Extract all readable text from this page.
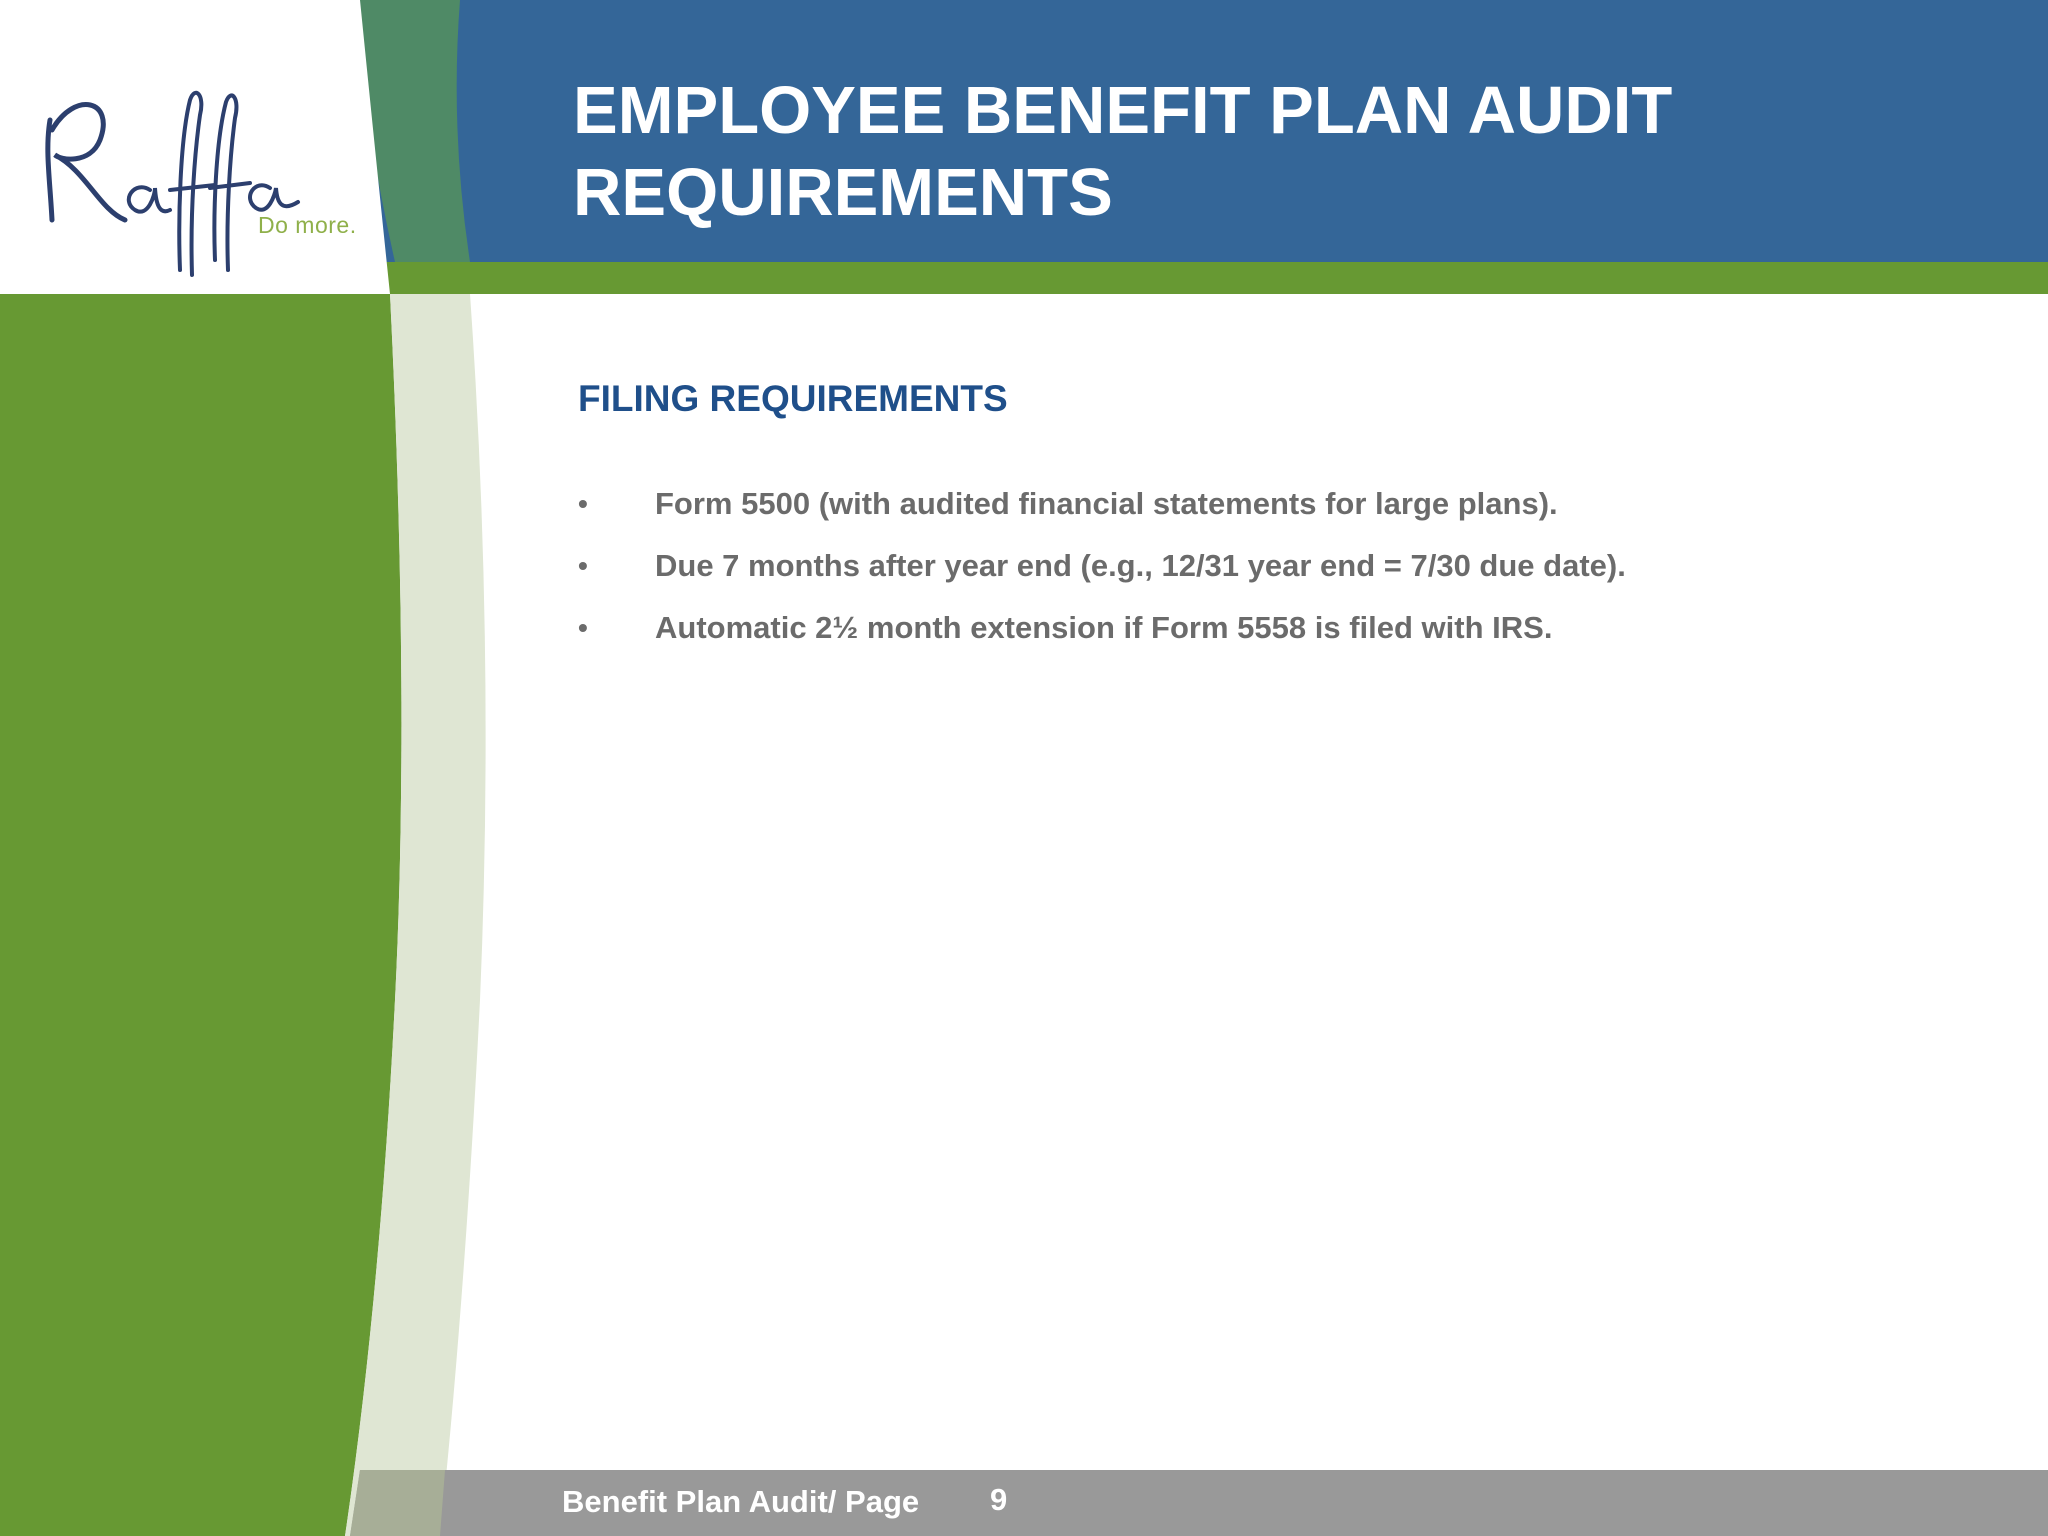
Do more.
EMPLOYEE BENEFIT PLAN AUDIT
REQUIREMENTS
FILING REQUIREMENTS
• Form 5500 (with audited financial statements for large plans).
• Due 7 months after year end (e.g., 12/31 year end = 7/30 due date).
• Automatic 2½ month extension if Form 5558 is filed with IRS.
Benefit Plan Audit/ Page 9
